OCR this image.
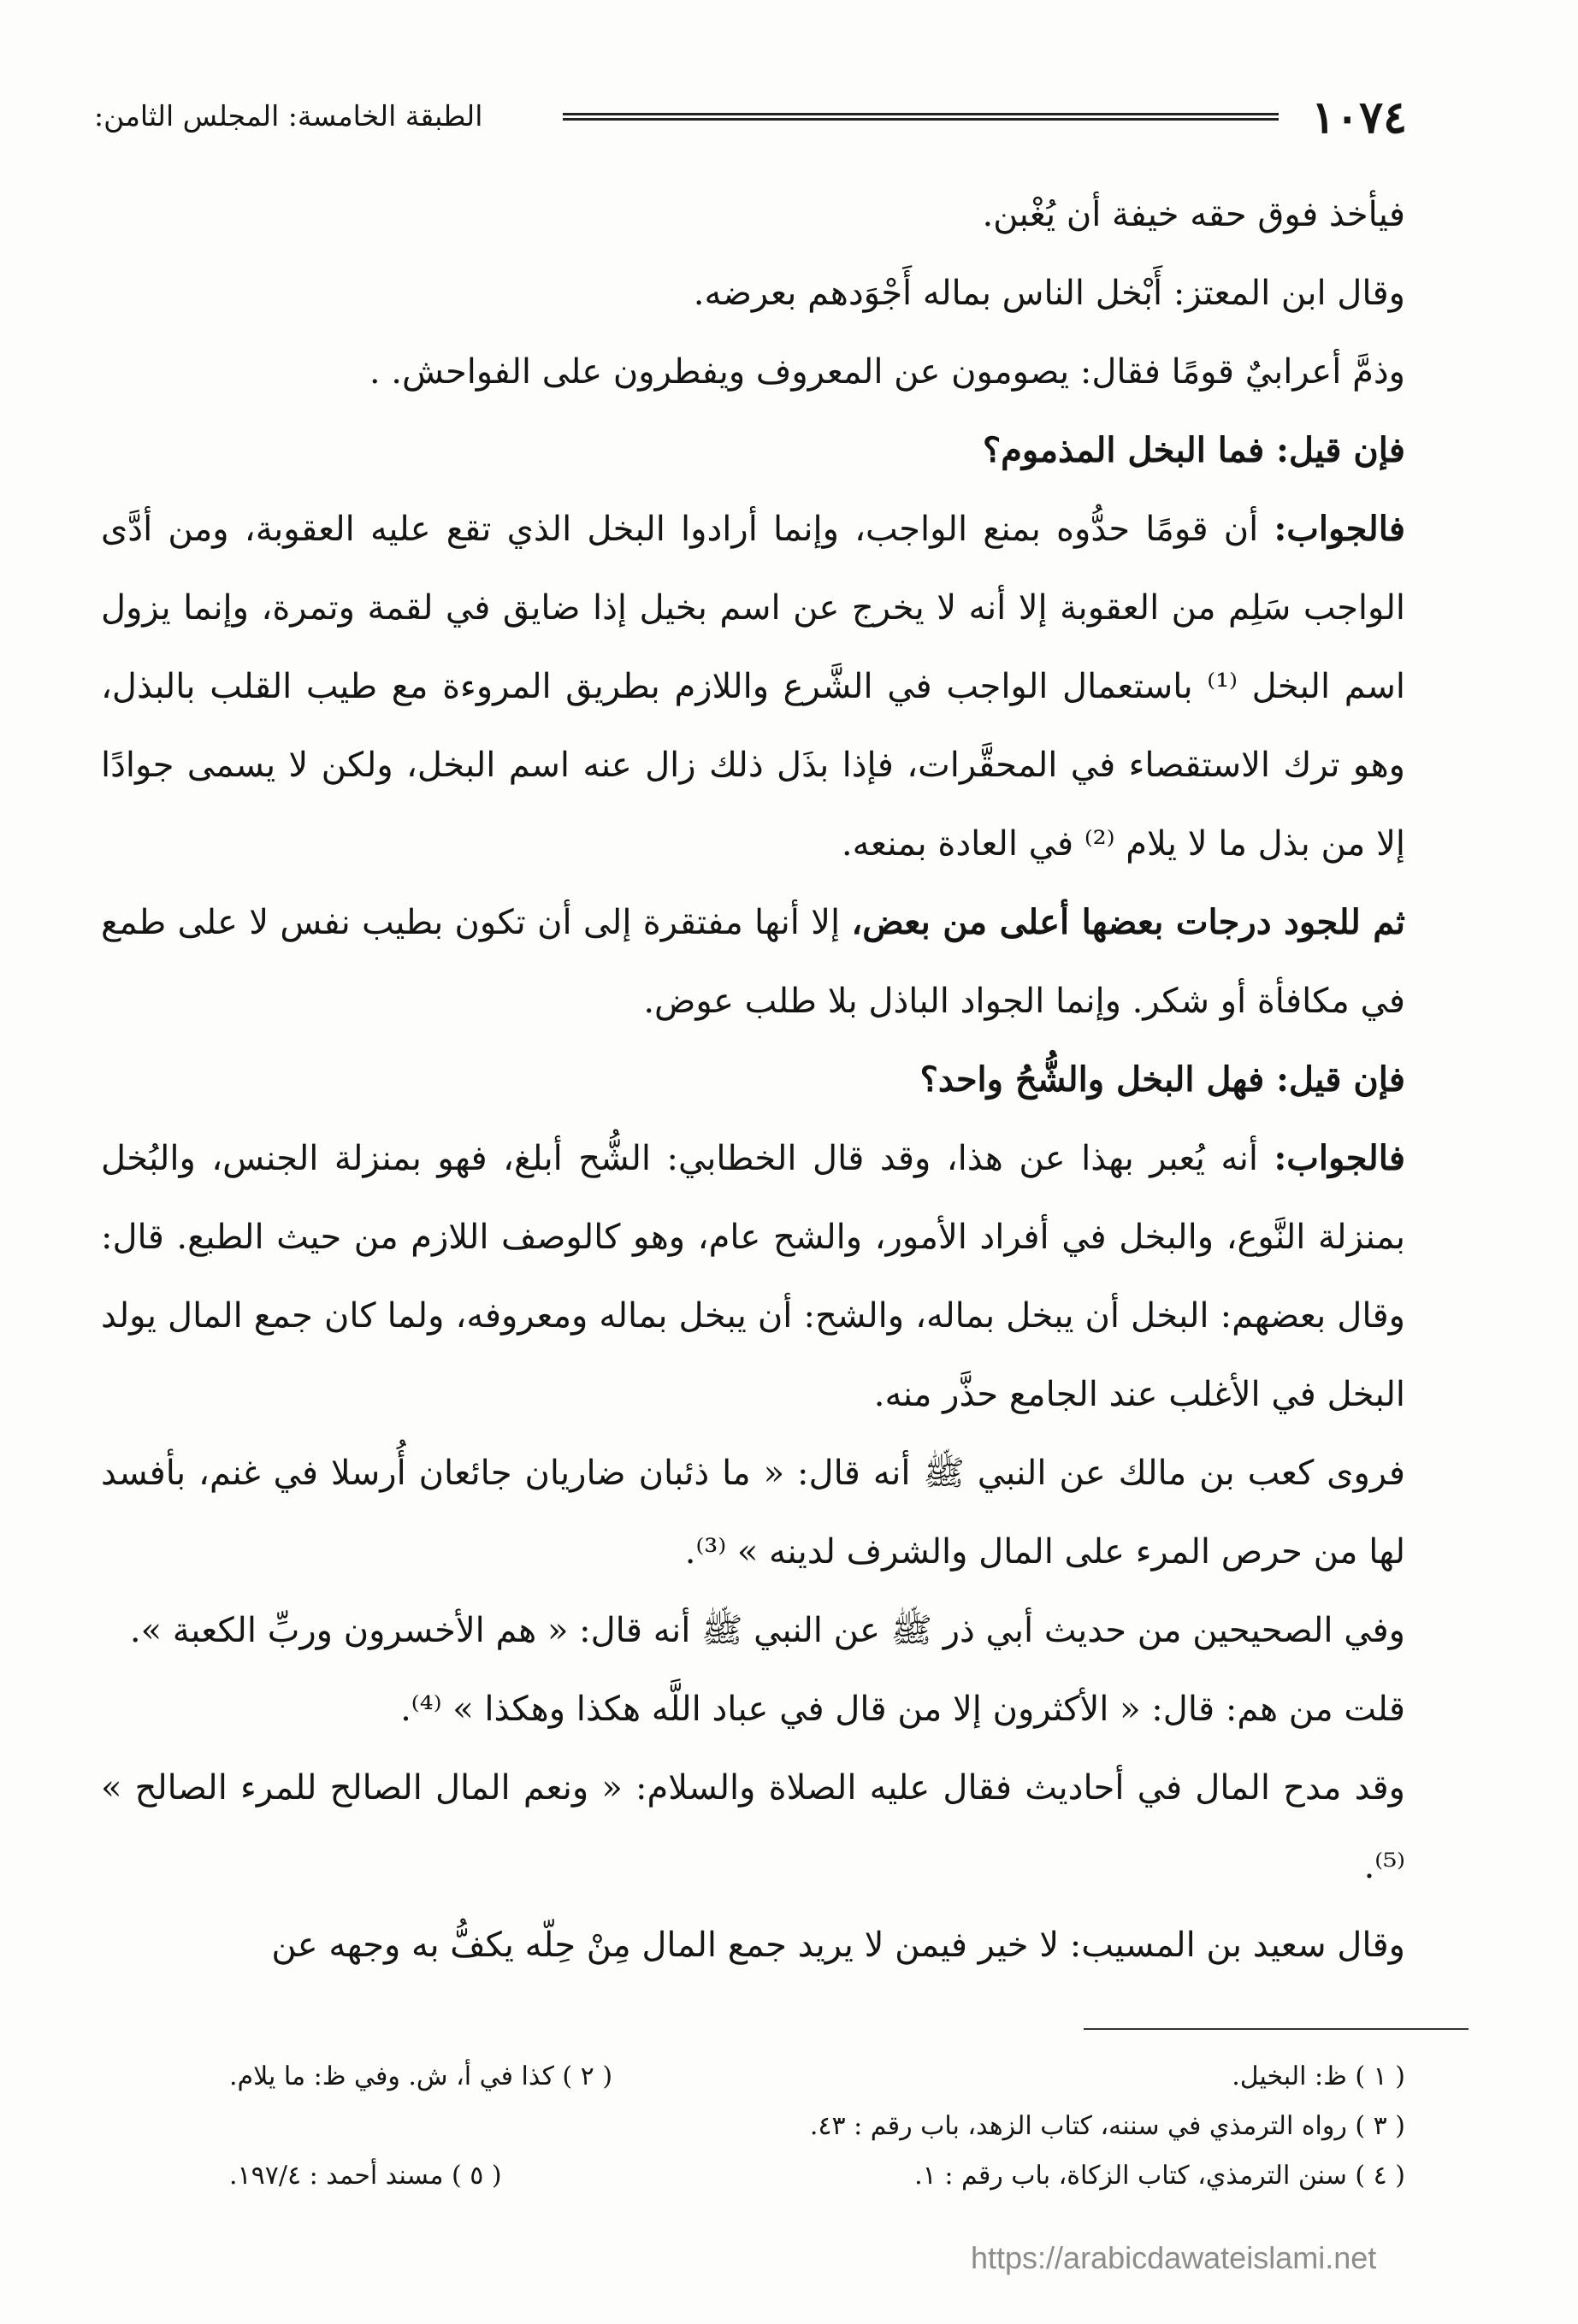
١٠٧٤
الطبقة الخامسة: المجلس الثامن:

فيأخذ فوق حقه خيفة أن يُغْبن.

وقال ابن المعتز: أَبْخل الناس بماله أَجْوَدهم بعرضه.

وذمَّ أعرابيٌ قومًا فقال: يصومون عن المعروف ويفطرون على الفواحش. .

فإن قيل: فما البخل المذموم؟

فالجواب: أن قومًا حدُّوه بمنع الواجب، وإنما أرادوا البخل الذي تقع عليه العقوبة، ومن أدَّى الواجب سَلِم من العقوبة إلا أنه لا يخرج عن اسم بخيل إذا ضايق في لقمة وتمرة، وإنما يزول اسم البخل ⁽¹⁾ باستعمال الواجب في الشَّرع واللازم بطريق المروءة مع طيب القلب بالبذل، وهو ترك الاستقصاء في المحقَّرات، فإذا بذَل ذلك زال عنه اسم البخل، ولكن لا يسمى جوادًا إلا من بذل ما لا يلام ⁽²⁾ في العادة بمنعه.

ثم للجود درجات بعضها أعلى من بعض، إلا أنها مفتقرة إلى أن تكون بطيب نفس لا على طمع في مكافأة أو شكر. وإنما الجواد الباذل بلا طلب عوض.

فإن قيل: فهل البخل والشُّحُ واحد؟

فالجواب: أنه يُعبر بهذا عن هذا، وقد قال الخطابي: الشُّح أبلغ، فهو بمنزلة الجنس، والبُخل بمنزلة النَّوع، والبخل في أفراد الأمور، والشح عام، وهو كالوصف اللازم من حيث الطبع. قال: وقال بعضهم: البخل أن يبخل بماله، والشح: أن يبخل بماله ومعروفه، ولما كان جمع المال يولد البخل في الأغلب عند الجامع حذَّر منه.

فروى كعب بن مالك عن النبي ﷺ أنه قال: « ما ذئبان ضاريان جائعان أُرسلا في غنم، بأفسد لها من حرص المرء على المال والشرف لدينه » ⁽³⁾.

وفي الصحيحين من حديث أبي ذر ﷺ عن النبي ﷺ أنه قال: « هم الأخسرون وربِّ الكعبة ».

قلت من هم: قال: « الأكثرون إلا من قال في عباد اللَّه هكذا وهكذا » ⁽⁴⁾.

وقد مدح المال في أحاديث فقال عليه الصلاة والسلام: « ونعم المال الصالح للمرء الصالح » ⁽⁵⁾.

وقال سعيد بن المسيب: لا خير فيمن لا يريد جمع المال مِنْ حِلّه يكفُّ به وجهه عن

( ١ ) ظ: البخيل.
( ٢ ) كذا في أ، ش. وفي ظ: ما يلام.
( ٣ ) رواه الترمذي في سننه، كتاب الزهد، باب رقم : ٤٣.
( ٤ ) سنن الترمذي، كتاب الزكاة، باب رقم : ١.
( ٥ ) مسند أحمد : ١٩٧/٤.
https://arabicdawateislami.net
